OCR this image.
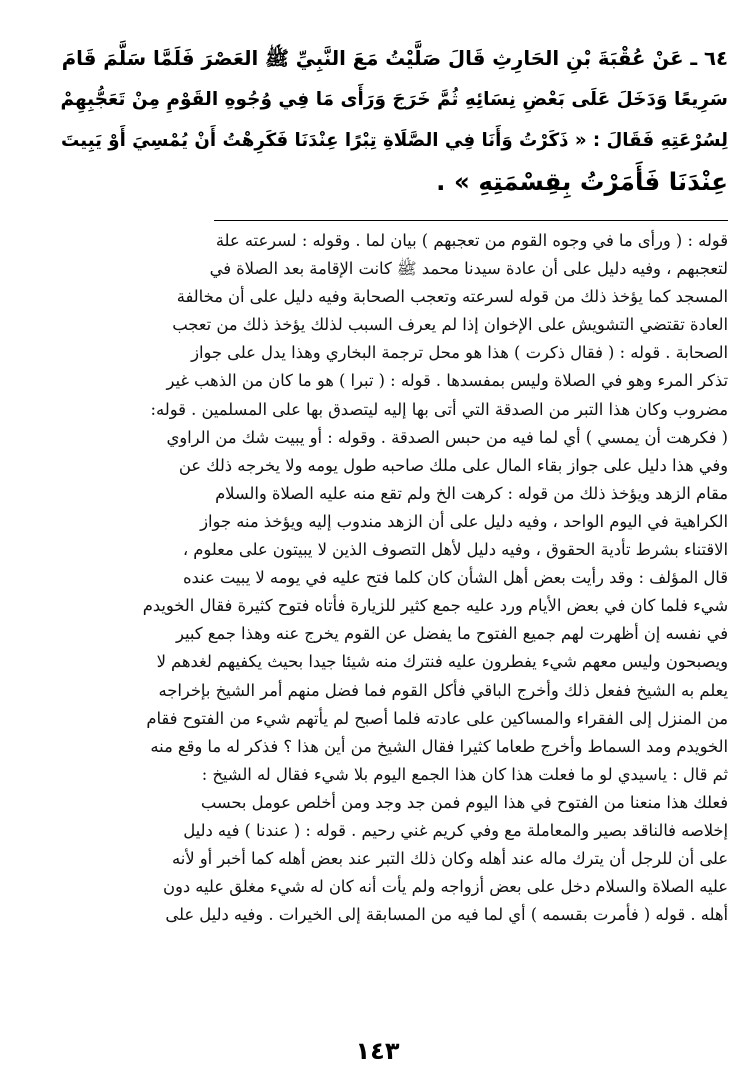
٦٤ ـ عَنْ عُقْبَةَ بْنِ الحَارِثِ قَالَ صَلَّيْتُ مَعَ النَّبِيِّ ﷺ العَصْرَ فَلَمَّا سَلَّمَ قَامَ

سَرِيعًا وَدَخَلَ عَلَى بَعْضِ نِسَائِهِ ثُمَّ خَرَجَ وَرَأَى مَا فِي وُجُوهِ القَوْمِ مِنْ تَعَجُّبِهِمْ

لِسُرْعَتِهِ فَقَالَ : « ذَكَرْتُ وَأَنَا فِي الصَّلَاةِ تِبْرًا عِنْدَنَا فَكَرِهْتُ أَنْ يُمْسِيَ أَوْ يَبِيتَ

عِنْدَنَا فَأَمَرْتُ بِقِسْمَتِهِ » .

قوله : ( ورأى ما في وجوه القوم من تعجبهم ) بيان لما . وقوله : لسرعته علة

لتعجبهم ، وفيه دليل على أن عادة سيدنا محمد ﷺ كانت الإقامة بعد الصلاة في

المسجد كما يؤخذ ذلك من قوله لسرعته وتعجب الصحابة وفيه دليل على أن مخالفة

العادة تقتضي التشويش على الإخوان إذا لم يعرف السبب لذلك يؤخذ ذلك من تعجب

الصحابة . قوله : ( فقال ذكرت ) هذا هو محل ترجمة البخاري وهذا يدل على جواز

تذكر المرء وهو في الصلاة وليس بمفسدها . قوله : ( تبرا ) هو ما كان من الذهب غير

مضروب وكان هذا التبر من الصدقة التي أتى بها إليه ليتصدق بها على المسلمين . قوله:

( فكرهت أن يمسي ) أي لما فيه من حبس الصدقة . وقوله : أو يبيت شك من الراوي

وفي هذا دليل على جواز بقاء المال على ملك صاحبه طول يومه ولا يخرجه ذلك عن

مقام الزهد ويؤخذ ذلك من قوله : كرهت الخ ولم تقع منه عليه الصلاة والسلام

الكراهية في اليوم الواحد ، وفيه دليل على أن الزهد مندوب إليه ويؤخذ منه جواز

الاقتناء بشرط تأدية الحقوق ، وفيه دليل لأهل التصوف الذين لا يبيتون على معلوم ،

قال المؤلف : وقد رأيت بعض أهل الشأن كان كلما فتح عليه في يومه لا يبيت عنده

شيء فلما كان في بعض الأيام ورد عليه جمع كثير للزيارة فأتاه فتوح كثيرة فقال الخويدم

في نفسه إن أظهرت لهم جميع الفتوح ما يفضل عن القوم يخرج عنه وهذا جمع كبير

ويصبحون وليس معهم شيء يفطرون عليه فنترك منه شيئا جيدا بحيث يكفيهم لغدهم لا

يعلم به الشيخ ففعل ذلك وأخرج الباقي فأكل القوم فما فضل منهم أمر الشيخ بإخراجه

من المنزل إلى الفقراء والمساكين على عادته فلما أصبح لم يأتهم شيء من الفتوح فقام

الخويدم ومد السماط وأخرج طعاما كثيرا فقال الشيخ من أين هذا ؟ فذكر له ما وقع منه

ثم قال : ياسيدي لو ما فعلت هذا كان هذا الجمع اليوم بلا شيء فقال له الشيخ :

فعلك هذا منعنا من الفتوح في هذا اليوم فمن جد وجد ومن أخلص عومل بحسب

إخلاصه فالناقد بصير والمعاملة مع وفي كريم غني رحيم . قوله : ( عندنا ) فيه دليل

على أن للرجل أن يترك ماله عند أهله وكان ذلك التبر عند بعض أهله كما أخبر أو لأنه

عليه الصلاة والسلام دخل على بعض أزواجه ولم يأت أنه كان له شيء مغلق عليه دون

أهله . قوله ( فأمرت بقسمه ) أي لما فيه من المسابقة إلى الخيرات . وفيه دليل على

١٤٣
